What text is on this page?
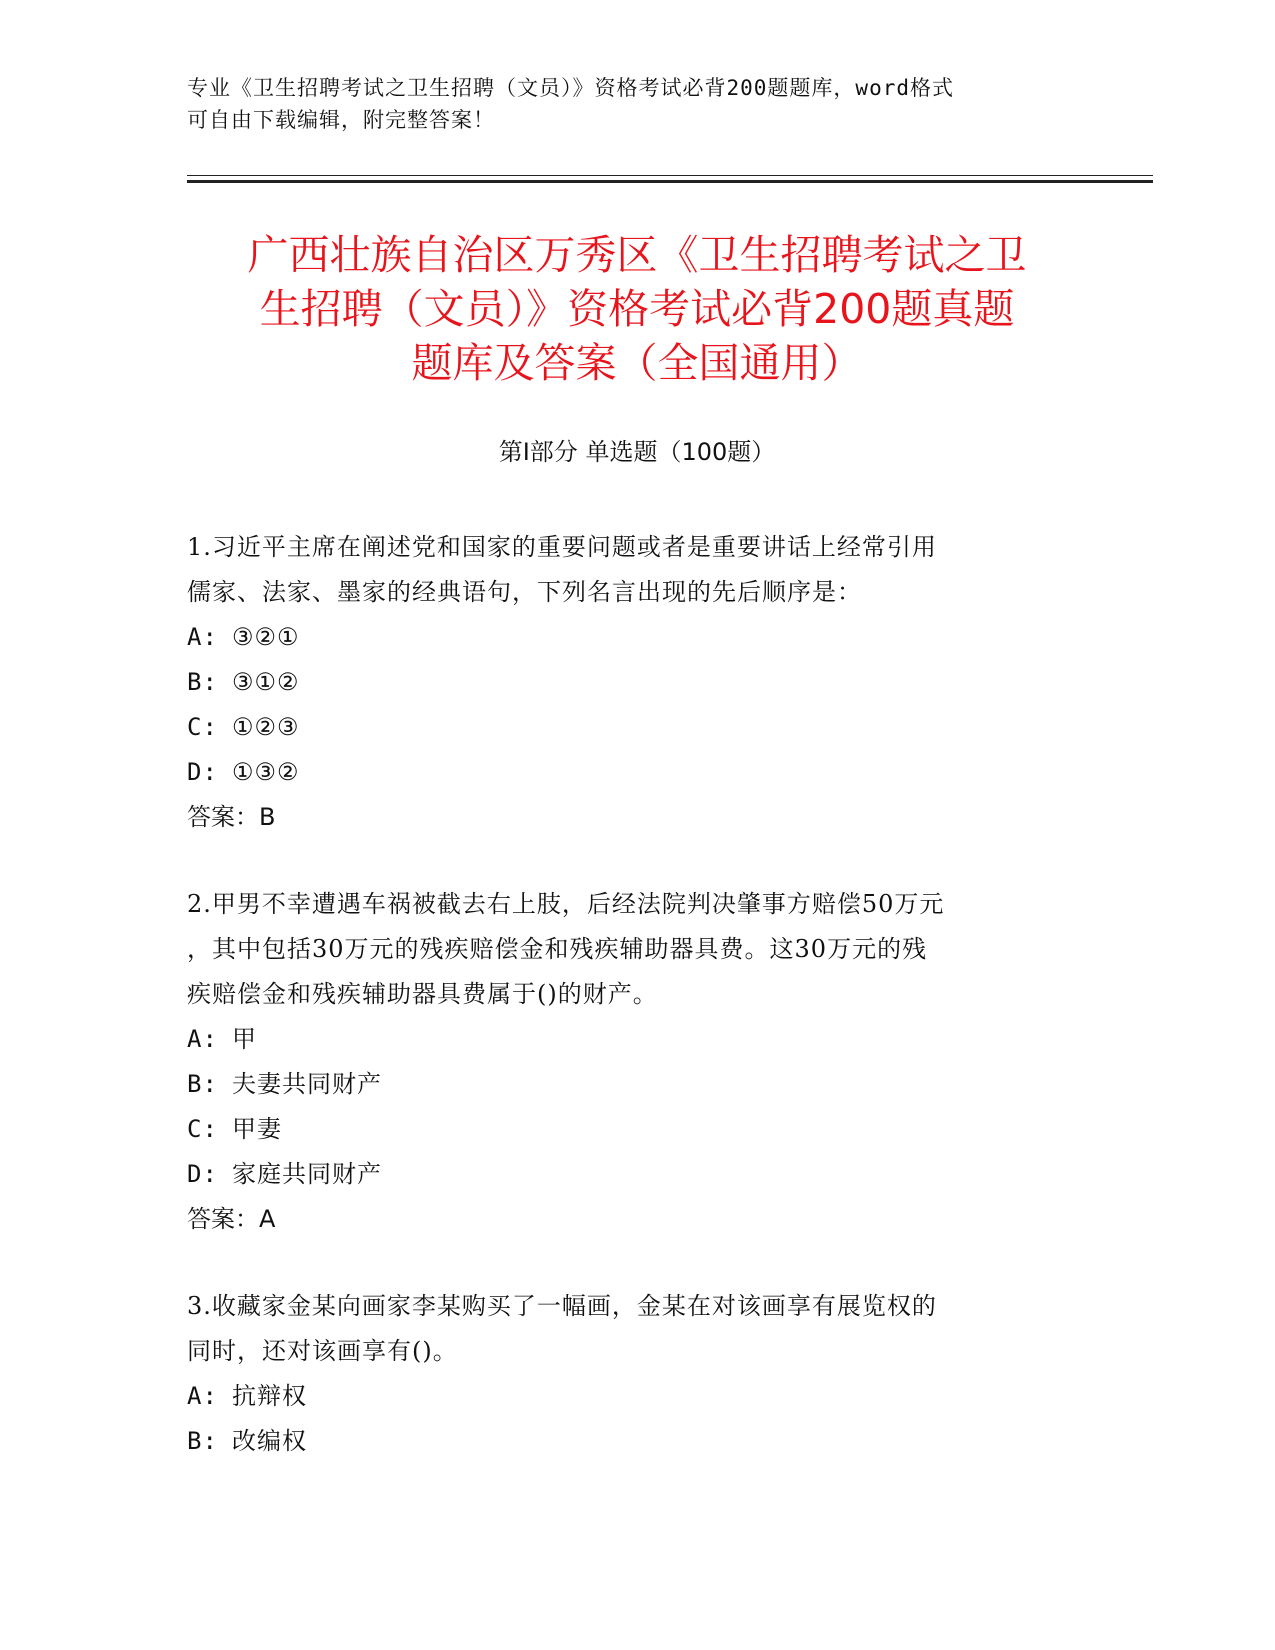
专业《卫生招聘考试之卫生招聘（文员）》资格考试必背200题题库，word格式
可自由下载编辑，附完整答案！
广西壮族自治区万秀区《卫生招聘考试之卫
生招聘（文员）》资格考试必背200题真题
题库及答案（全国通用）
第Ⅰ部分 单选题（100题）
1.习近平主席在阐述党和国家的重要问题或者是重要讲话上经常引用
儒家、法家、墨家的经典语句，下列名言出现的先后顺序是：
A: ③②①
B: ③①②
C: ①②③
D: ①③②
答案：B
2.甲男不幸遭遇车祸被截去右上肢，后经法院判决肇事方赔偿50万元
，其中包括30万元的残疾赔偿金和残疾辅助器具费。这30万元的残
疾赔偿金和残疾辅助器具费属于()的财产。
A: 甲
B: 夫妻共同财产
C: 甲妻
D: 家庭共同财产
答案：A
3.收藏家金某向画家李某购买了一幅画，金某在对该画享有展览权的
同时，还对该画享有()。
A: 抗辩权
B: 改编权
